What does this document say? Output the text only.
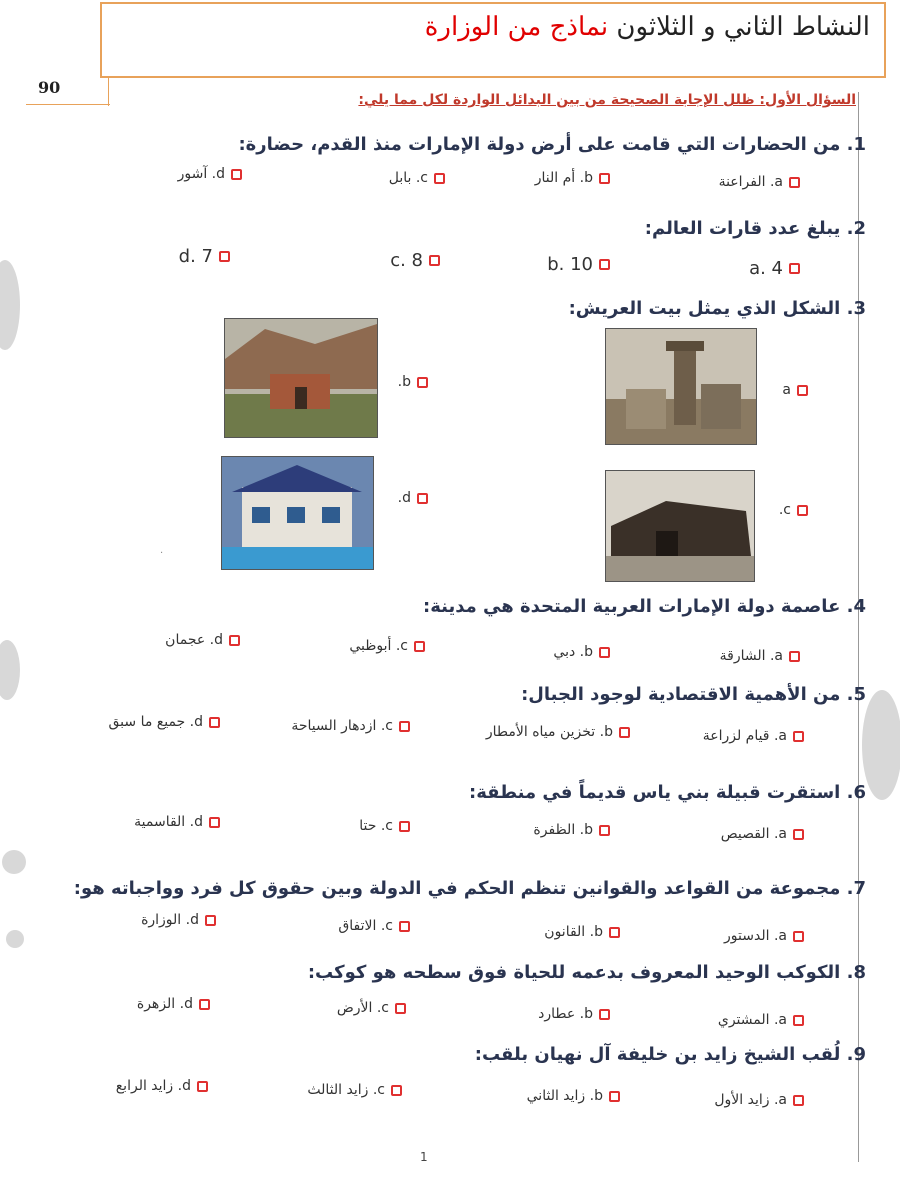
النشاط الثاني و الثلاثون نماذج من الوزارة
90
السؤال الأول: ظلل الإجابة الصحيحة من بين البدائل الواردة لكل مما يلي:
1. من الحضارات التي قامت على أرض دولة الإمارات منذ القدم، حضارة:
a. الفراعنة
b. أم النار
c. بابل
d. آشور
2. يبلغ عدد قارات العالم:
4 .a
10 .b
8 .c
7 .d
3. الشكل الذي يمثل بيت العريش:
a
b.
c.
d.
·
4. عاصمة دولة الإمارات العربية المتحدة هي مدينة:
a. الشارقة
b. دبي
c. أبوظبي
d. عجمان
5. من الأهمية الاقتصادية لوجود الجبال:
a. قيام لزراعة
b. تخزين مياه الأمطار
c. ازدهار السياحة
d. جميع ما سبق
6. استقرت قبيلة بني ياس قديماً في منطقة:
a. القصيص
b. الظفرة
c. حتا
d. القاسمية
7. مجموعة من القواعد والقوانين تنظم الحكم في الدولة وبين حقوق كل فرد وواجباته هو:
a. الدستور
b. القانون
c. الاتفاق
d. الوزارة
8. الكوكب الوحيد المعروف بدعمه للحياة فوق سطحه هو كوكب:
a. المشتري
b. عطارد
c. الأرض
d. الزهرة
9. لُقب الشيخ زايد بن خليفة آل نهيان بلقب:
a. زايد الأول
b. زايد الثاني
c. زايد الثالث
d. زايد الرابع
1
